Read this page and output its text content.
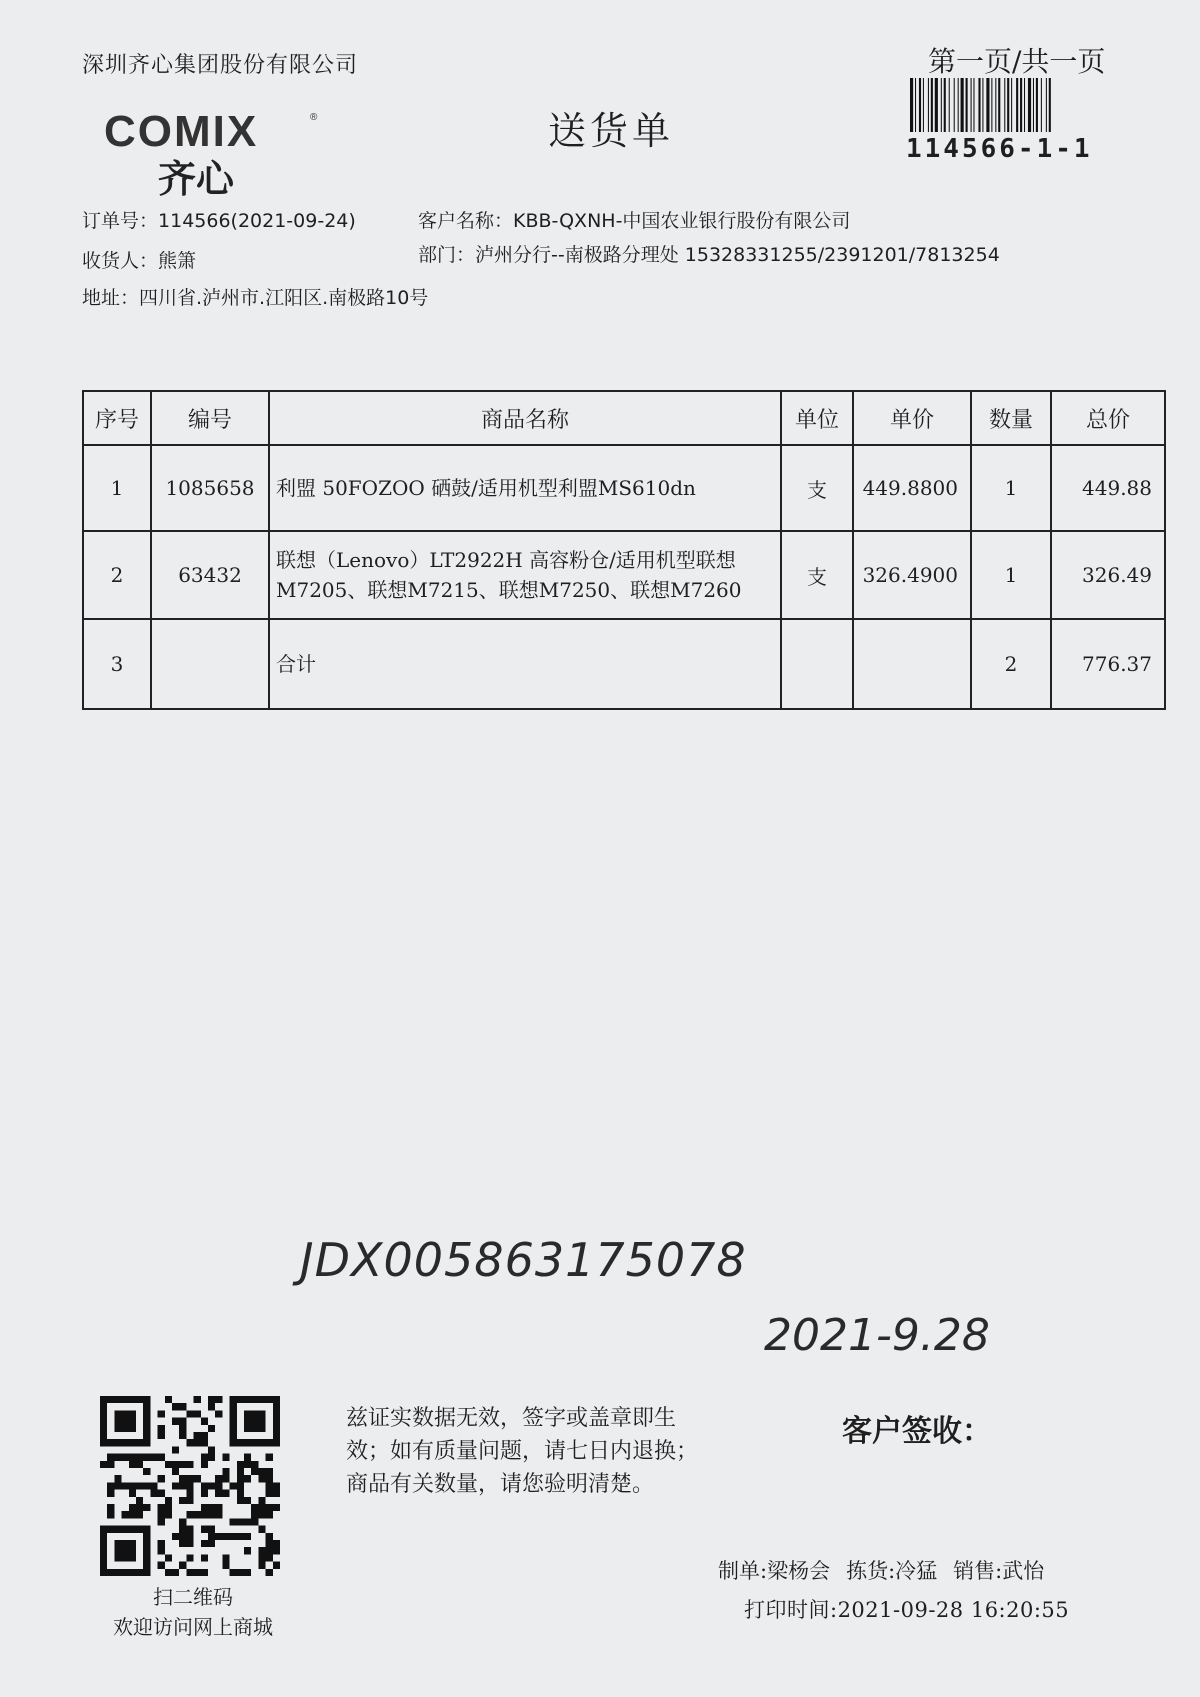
深圳齐心集团股份有限公司
COMIX	®
齐心
送货单
第一页/共一页
114566-1-1
订单号：114566(2021-09-24)	客户名称：KBB-QXNH-中国农业银行股份有限公司
收货人：熊箫	部门：泸州分行--南极路分理处 15328331255/2391201/7813254
地址：四川省.泸州市.江阳区.南极路10号
序号	编号	商品名称	单位	单价	数量	总价
1	1085658	利盟 50FOZOO 硒鼓/适用机型利盟MS610dn	支	449.8800	1	449.88
2	63432	联想（Lenovo）LT2922H 高容粉仓/适用机型联想
M7205、联想M7215、联想M7250、联想M7260	支	326.4900	1	326.49
3		合计			2	776.37
JDX005863175078
2021-9.28
扫二维码
欢迎访问网上商城
兹证实数据无效，签字或盖章即生
效；如有质量问题，请七日内退换；
商品有关数量，请您验明清楚。
客户签收：
制单:梁杨会 拣货:冷猛 销售:武怡
打印时间:2021-09-28 16:20:55
